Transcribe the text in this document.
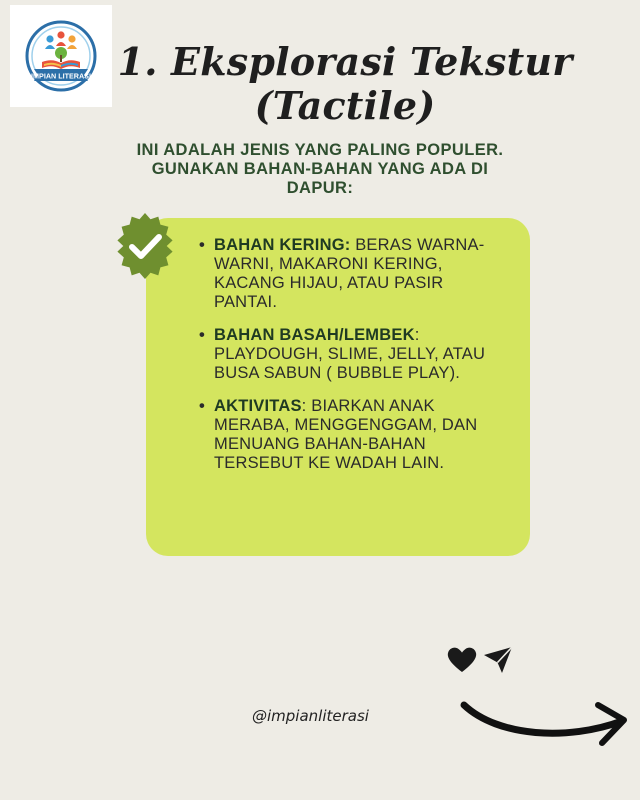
IMPIAN LITERASI 1. Eksplorasi Tekstur (Tactile)
INI ADALAH JENIS YANG PALING POPULER. GUNAKAN BAHAN-BAHAN YANG ADA DI DAPUR:
• BAHAN KERING: BERAS WARNA-WARNI, MAKARONI KERING, KACANG HIJAU, ATAU PASIR PANTAI.
• BAHAN BASAH/LEMBEK: PLAYDOUGH, SLIME, JELLY, ATAU BUSA SABUN ( BUBBLE PLAY).
• AKTIVITAS: BIARKAN ANAK MERABA, MENGGENGGAM, DAN MENUANG BAHAN-BAHAN TERSEBUT KE WADAH LAIN.
@impianliterasi
